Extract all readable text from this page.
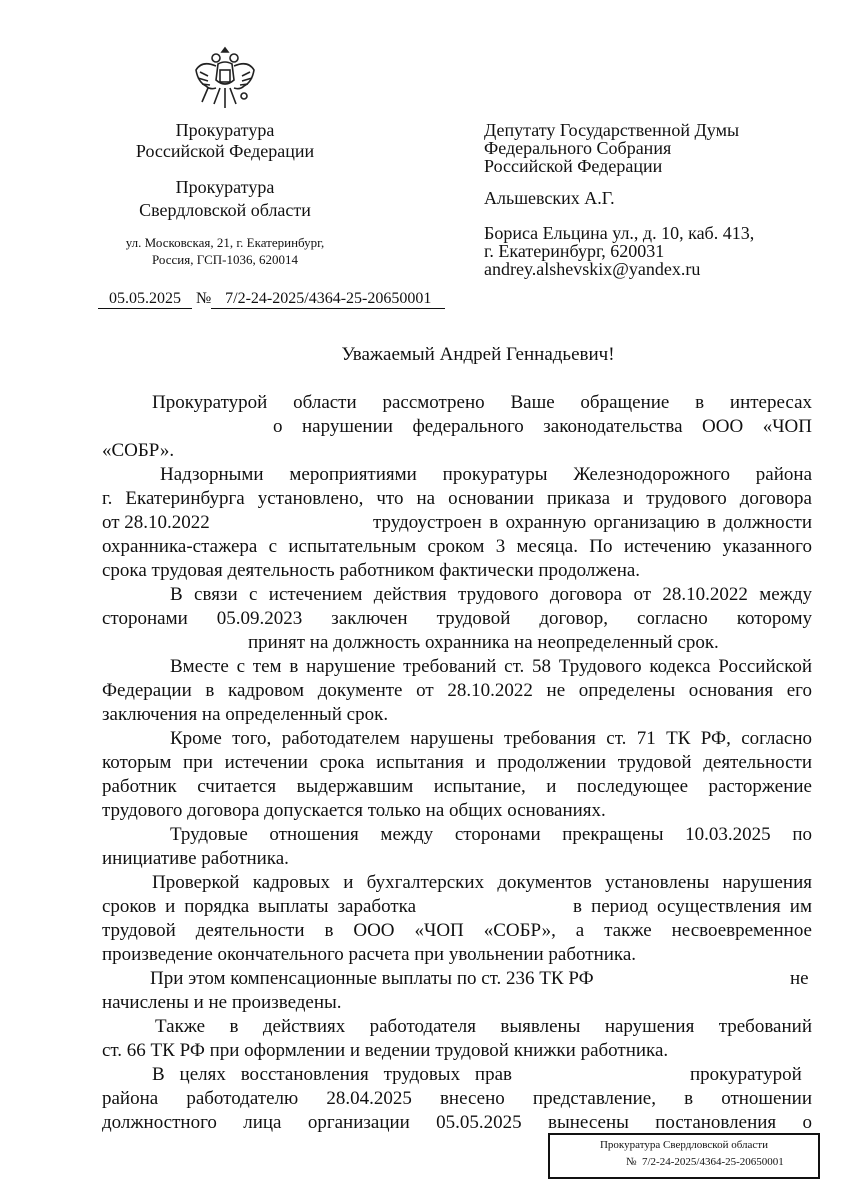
Прокуратура
Российской Федерации
Прокуратура
Свердловской области
ул. Московская, 21, г. Екатеринбург,
Россия, ГСП-1036, 620014
05.05.2025 № 7/2-24-2025/4364-25-20650001
Депутату Государственной Думы
Федерального Собрания
Российской Федерации
Альшевских А.Г.
Бориса Ельцина ул., д. 10, каб. 413,
г. Екатеринбург, 620031
andrey.alshevskix@yandex.ru
Уважаемый Андрей Геннадьевич!
Прокуратурой области рассмотрено Ваше обращение в интересах
о нарушении федерального законодательства ООО «ЧОП
«СОБР».
Надзорными мероприятиями прокуратуры Железнодорожного района
г. Екатеринбурга установлено, что на основании приказа и трудового договора
от 28.10.2022	трудоустроен в охранную организацию в должности
охранника-стажера с испытательным сроком 3 месяца. По истечению указанного
срока трудовая деятельность работником фактически продолжена.
В связи с истечением действия трудового договора от 28.10.2022 между
сторонами 05.09.2023 заключен трудовой договор, согласно которому
принят на должность охранника на неопределенный срок.
Вместе с тем в нарушение требований ст. 58 Трудового кодекса Российской
Федерации в кадровом документе от 28.10.2022 не определены основания его
заключения на определенный срок.
Кроме того, работодателем нарушены требования ст. 71 ТК РФ, согласно
которым при истечении срока испытания и продолжении трудовой деятельности
работник считается выдержавшим испытание, и последующее расторжение
трудового договора допускается только на общих основаниях.
Трудовые отношения между сторонами прекращены 10.03.2025 по
инициативе работника.
Проверкой кадровых и бухгалтерских документов установлены нарушения
сроков и порядка выплаты заработка	в период осуществления им
трудовой деятельности в ООО «ЧОП «СОБР», а также несвоевременное
произведение окончательного расчета при увольнении работника.
При этом компенсационные выплаты по ст. 236 ТК РФ	не
начислены и не произведены.
Также в действиях работодателя выявлены нарушения требований
ст. 66 ТК РФ при оформлении и ведении трудовой книжки работника.
В целях восстановления трудовых прав	прокуратурой
района работодателю 28.04.2025 внесено представление, в отношении
должностного лица организации 05.05.2025 вынесены постановления о
Прокуратура Свердловской области
№ 7/2-24-2025/4364-25-20650001
